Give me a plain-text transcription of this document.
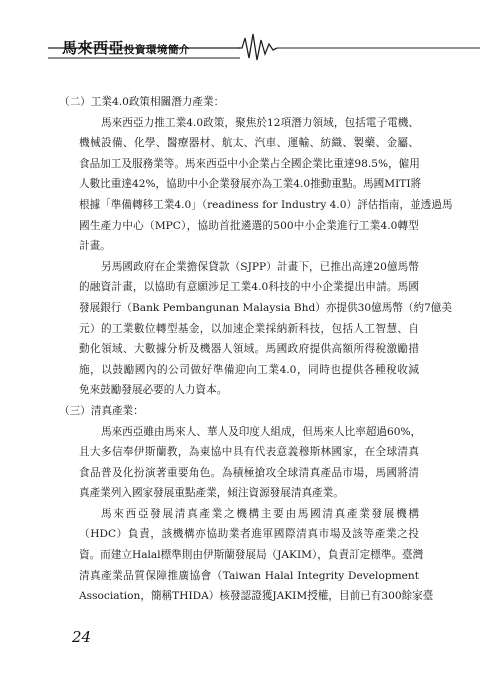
馬來西亞投資環境簡介
（二）工業4.0政策相關潛力產業：
馬來西亞力推工業4.0政策，聚焦於12項潛力領域，包括電子電機、
機械設備、化學、醫療器材、航太、汽車、運輸、紡織、製藥、金屬、
食品加工及服務業等。馬來西亞中小企業占全國企業比重達98.5%，僱用
人數比重達42%，協助中小企業發展亦為工業4.0推動重點。馬國MITI將
根據「準備轉移工業4.0」（readiness for Industry 4.0）評估指南，並透過馬
國生產力中心（MPC），協助首批遴選的500中小企業進行工業4.0轉型
計畫。
另馬國政府在企業擔保貸款（SJPP）計畫下，已推出高達20億馬幣
的融資計畫，以協助有意願涉足工業4.0科技的中小企業提出申請。馬國
發展銀行（Bank Pembangunan Malaysia Bhd）亦提供30億馬幣（約7億美
元）的工業數位轉型基金，以加速企業採納新科技，包括人工智慧、自
動化領域、大數據分析及機器人領域。馬國政府提供高額所得稅激勵措
施，以鼓勵國內的公司做好準備迎向工業4.0，同時也提供各種稅收減
免來鼓勵發展必要的人力資本。
（三）清真產業：
馬來西亞雖由馬來人、華人及印度人組成，但馬來人比率超過60%，
且大多信奉伊斯蘭教，為東協中具有代表意義穆斯林國家，在全球清真
食品普及化扮演著重要角色。為積極搶攻全球清真產品市場，馬國將清
真產業列入國家發展重點產業，傾注資源發展清真產業。
馬來西亞發展清真產業之機構主要由馬國清真產業發展機構
（HDC）負責，該機構亦協助業者進軍國際清真市場及該等產業之投
資。而建立Halal標準則由伊斯蘭發展局（JAKIM），負責訂定標準。臺灣
清真產業品質保障推廣協會（Taiwan Halal Integrity Development
Association，簡稱THIDA）核發認證獲JAKIM授權，目前已有300餘家臺
24
